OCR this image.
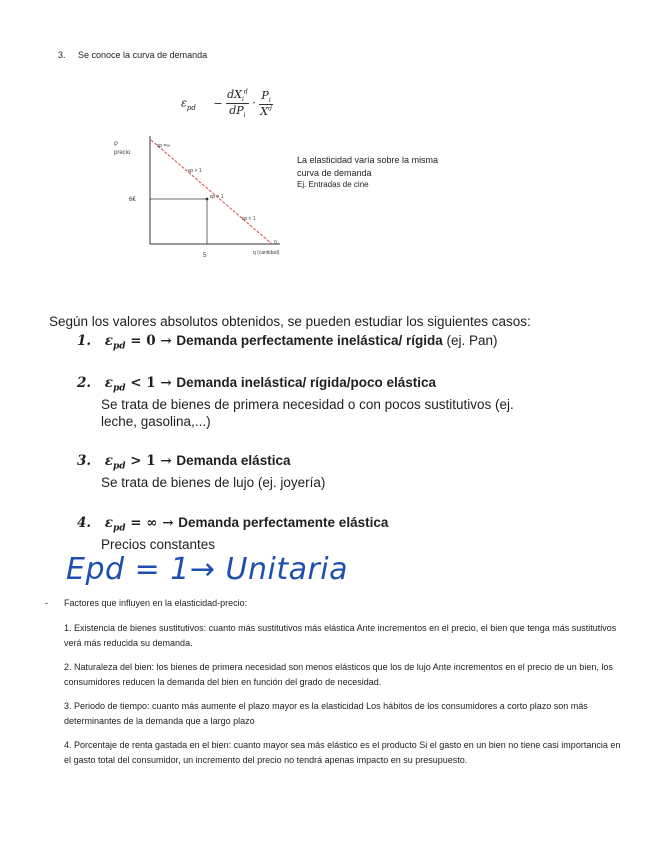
3. Se conoce la curva de demanda
$\varepsilon_{pd} - \frac{dX_i^d}{dP_i} \cdot \frac{P_i}{X^d}$
P
precio
6€
5	q (cantidad)
εp =∞
εp > 1
εp = 1
εp < 1
0
La elasticidad varía sobre la misma
curva de demanda
Ej. Entradas de cine
Según los valores absolutos obtenidos, se pueden estudiar los siguientes casos:
1. $\varepsilon_{pd} = 0$ → Demanda perfectamente inelástica/ rígida (ej. Pan)
2. $\varepsilon_{pd} < 1$ → Demanda inelástica/ rígida/poco elástica
Se trata de bienes de primera necesidad o con pocos sustitutivos (ej. leche, gasolina,...)
3. $\varepsilon_{pd} > 1$ → Demanda elástica
Se trata de bienes de lujo (ej. joyería)
4. $\varepsilon_{pd}$ = ∞ → Demanda perfectamente elástica
Precios constantes
Epd = 1→ Unitaria
- Factores que influyen en la elasticidad-precio:
1. Existencia de bienes sustitutivos: cuanto más sustitutivos más elástica Ante incrementos en el precio, el bien que tenga más sustitutivos verá más reducida su demanda.
2. Naturaleza del bien: los bienes de primera necesidad son menos elásticos que los de lujo Ante incrementos en el precio de un bien, los consumidores reducen la demanda del bien en función del grado de necesidad.
3. Periodo de tiempo: cuanto más aumente el plazo mayor es la elasticidad Los hábitos de los consumidores a corto plazo son más determinantes de la demanda que a largo plazo
4. Porcentaje de renta gastada en el bien: cuanto mayor sea más elástico es el producto Si el gasto en un bien no tiene casi importancia en el gasto total del consumidor, un incremento del precio no tendrá apenas impacto en su presupuesto.
